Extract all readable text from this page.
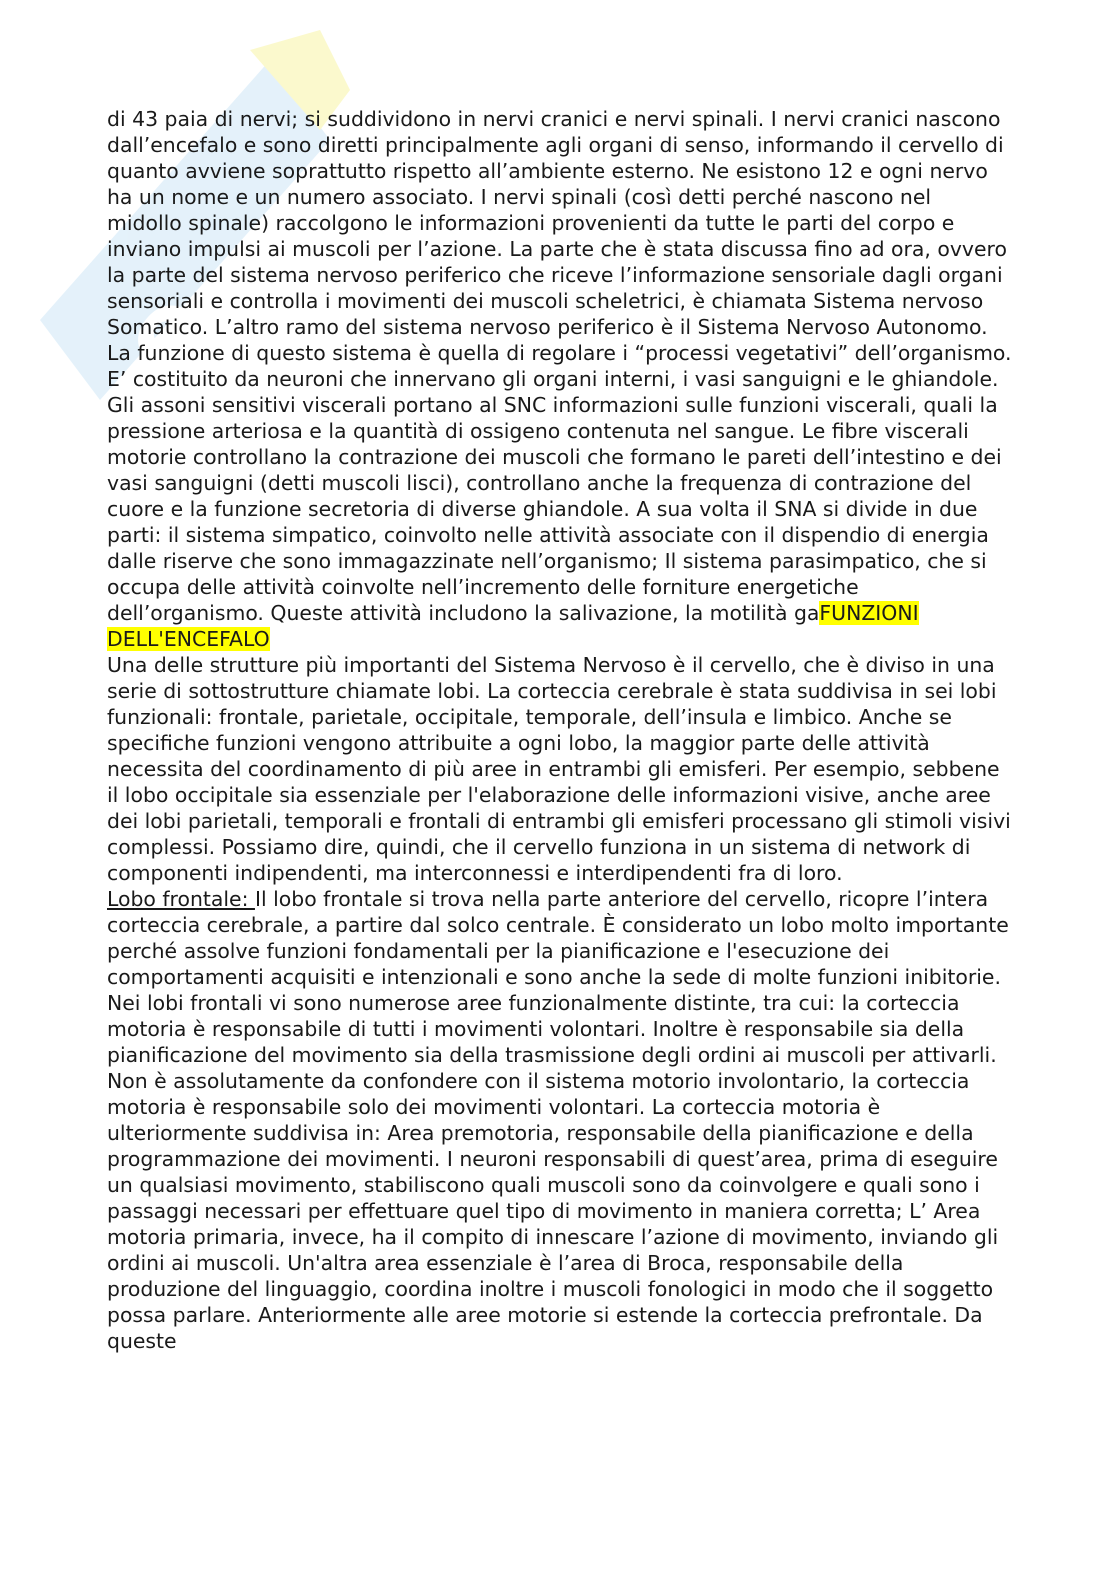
e

di 43 paia di nervi; si suddividono in nervi cranici e nervi spinali. I nervi cranici nascono dall’encefalo e sono diretti principalmente agli organi di senso, informando il cervello di quanto avviene soprattutto rispetto all’ambiente esterno. Ne esistono 12 e ogni nervo ha un nome e un numero associato. I nervi spinali (così detti perché nascono nel midollo spinale) raccolgono le informazioni provenienti da tutte le parti del corpo e inviano impulsi ai muscoli per l’azione. La parte che è stata discussa fino ad ora, ovvero la parte del sistema nervoso periferico che riceve l’informazione sensoriale dagli organi sensoriali e controlla i movimenti dei muscoli scheletrici, è chiamata Sistema nervoso Somatico. L’altro ramo del sistema nervoso periferico è il Sistema Nervoso Autonomo. La funzione di questo sistema è quella di regolare i “processi vegetativi” dell’organismo. E’ costituito da neuroni che innervano gli organi interni, i vasi sanguigni e le ghiandole. Gli assoni sensitivi viscerali portano al SNC informazioni sulle funzioni viscerali, quali la pressione arteriosa e la quantità di ossigeno contenuta nel sangue. Le fibre viscerali motorie controllano la contrazione dei muscoli che formano le pareti dell’intestino e dei vasi sanguigni (detti muscoli lisci), controllano anche la frequenza di contrazione del cuore e la funzione secretoria di diverse ghiandole. A sua volta il SNA si divide in due parti: il sistema simpatico, coinvolto nelle attività associate con il dispendio di energia dalle riserve che sono immagazzinate nell’organismo; Il sistema parasimpatico, che si occupa delle attività coinvolte nell’incremento delle forniture energetiche dell’organismo. Queste attività includono la salivazione, la motilità gaFUNZIONI DELL'ENCEFALO

Una delle strutture più importanti del Sistema Nervoso è il cervello, che è diviso in una serie di sottostrutture chiamate lobi. La corteccia cerebrale è stata suddivisa in sei lobi funzionali: frontale, parietale, occipitale, temporale, dell’insula e limbico. Anche se specifiche funzioni vengono attribuite a ogni lobo, la maggior parte delle attività necessita del coordinamento di più aree in entrambi gli emisferi. Per esempio, sebbene il lobo occipitale sia essenziale per l'elaborazione delle informazioni visive, anche aree dei lobi parietali, temporali e frontali di entrambi gli emisferi processano gli stimoli visivi complessi. Possiamo dire, quindi, che il cervello funziona in un sistema di network di componenti indipendenti, ma interconnessi e interdipendenti fra di loro.

Lobo frontale: Il lobo frontale si trova nella parte anteriore del cervello, ricopre l’intera corteccia cerebrale, a partire dal solco centrale. È considerato un lobo molto importante perché assolve funzioni fondamentali per la pianificazione e l'esecuzione dei comportamenti acquisiti e intenzionali e sono anche la sede di molte funzioni inibitorie. Nei lobi frontali vi sono numerose aree funzionalmente distinte, tra cui: la corteccia motoria è responsabile di tutti i movimenti volontari. Inoltre è responsabile sia della pianificazione del movimento sia della trasmissione degli ordini ai muscoli per attivarli. Non è assolutamente da confondere con il sistema motorio involontario, la corteccia motoria è responsabile solo dei movimenti volontari. La corteccia motoria è ulteriormente suddivisa in: Area premotoria, responsabile della pianificazione e della programmazione dei movimenti. I neuroni responsabili di quest’area, prima di eseguire un qualsiasi movimento, stabiliscono quali muscoli sono da coinvolgere e quali sono i passaggi necessari per effettuare quel tipo di movimento in maniera corretta; L’ Area motoria primaria, invece, ha il compito di innescare l’azione di movimento, inviando gli ordini ai muscoli. Un'altra area essenziale è l’area di Broca, responsabile della produzione del linguaggio, coordina inoltre i muscoli fonologici in modo che il soggetto possa parlare. Anteriormente alle aree motorie si estende la corteccia prefrontale. Da queste
